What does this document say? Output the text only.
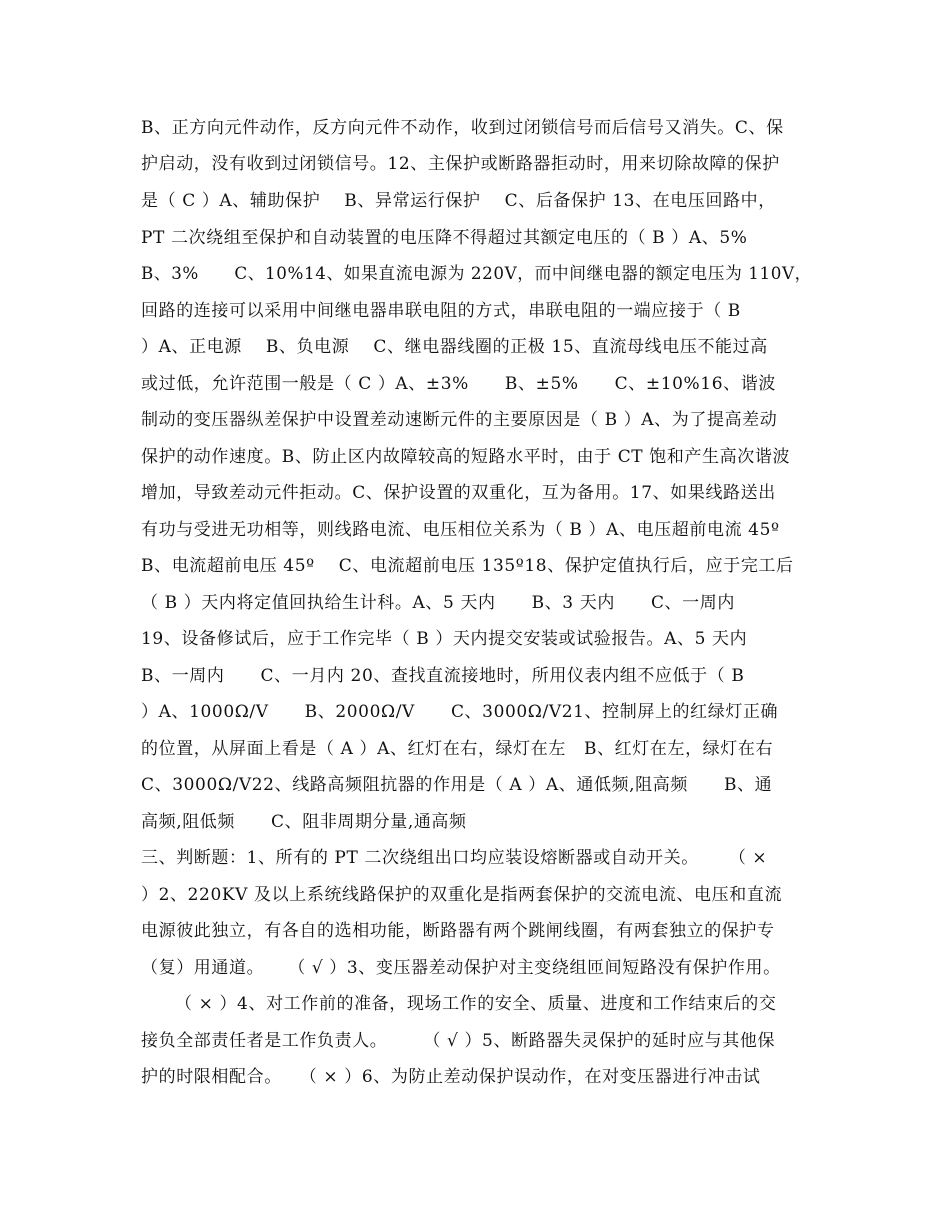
B、正方向元件动作，反方向元件不动作，收到过闭锁信号而后信号又消失。C、保
护启动，没有收到过闭锁信号。12、主保护或断路器拒动时，用来切除故障的保护
是（ C ）A、辅助保护    B、异常运行保护    C、后备保护 13、在电压回路中，
PT 二次绕组至保护和自动装置的电压降不得超过其额定电压的（ B ）A、5%
B、3%      C、10%14、如果直流电源为 220V，而中间继电器的额定电压为 110V，
回路的连接可以采用中间继电器串联电阻的方式，串联电阻的一端应接于（ B
）A、正电源    B、负电源    C、继电器线圈的正极 15、直流母线电压不能过高
或过低，允许范围一般是（ C ）A、±3%      B、±5%      C、±10%16、谐波
制动的变压器纵差保护中设置差动速断元件的主要原因是（ B ）A、为了提高差动
保护的动作速度。B、防止区内故障较高的短路水平时，由于 CT 饱和产生高次谐波
增加，导致差动元件拒动。C、保护设置的双重化，互为备用。17、如果线路送出
有功与受进无功相等，则线路电流、电压相位关系为（ B ）A、电压超前电流 45º
B、电流超前电压 45º    C、电流超前电压 135º18、保护定值执行后，应于完工后
（ B ）天内将定值回执给生计科。A、5 天内      B、3 天内      C、一周内
19、设备修试后，应于工作完毕（ B ）天内提交安装或试验报告。A、5 天内
B、一周内      C、一月内 20、查找直流接地时，所用仪表内组不应低于（ B
）A、1000Ω/V      B、2000Ω/V      C、3000Ω/V21、控制屏上的红绿灯正确
的位置，从屏面上看是（ A ）A、红灯在右，绿灯在左   B、红灯在左，绿灯在右
C、3000Ω/V22、线路高频阻抗器的作用是（ A ）A、通低频,阻高频      B、通
高频,阻低频      C、阻非周期分量,通高频
三、判断题：1、所有的 PT 二次绕组出口均应装设熔断器或自动开关。     （ ×
）2、220KV 及以上系统线路保护的双重化是指两套保护的交流电流、电压和直流
电源彼此独立，有各自的选相功能，断路器有两个跳闸线圈，有两套独立的保护专
（复）用通道。    （ √ ）3、变压器差动保护对主变绕组匝间短路没有保护作用。
（ × ）4、对工作前的准备，现场工作的安全、质量、进度和工作结束后的交
接负全部责任者是工作负责人。      （ √ ）5、断路器失灵保护的延时应与其他保
护的时限相配合。   （ × ）6、为防止差动保护误动作，在对变压器进行冲击试
